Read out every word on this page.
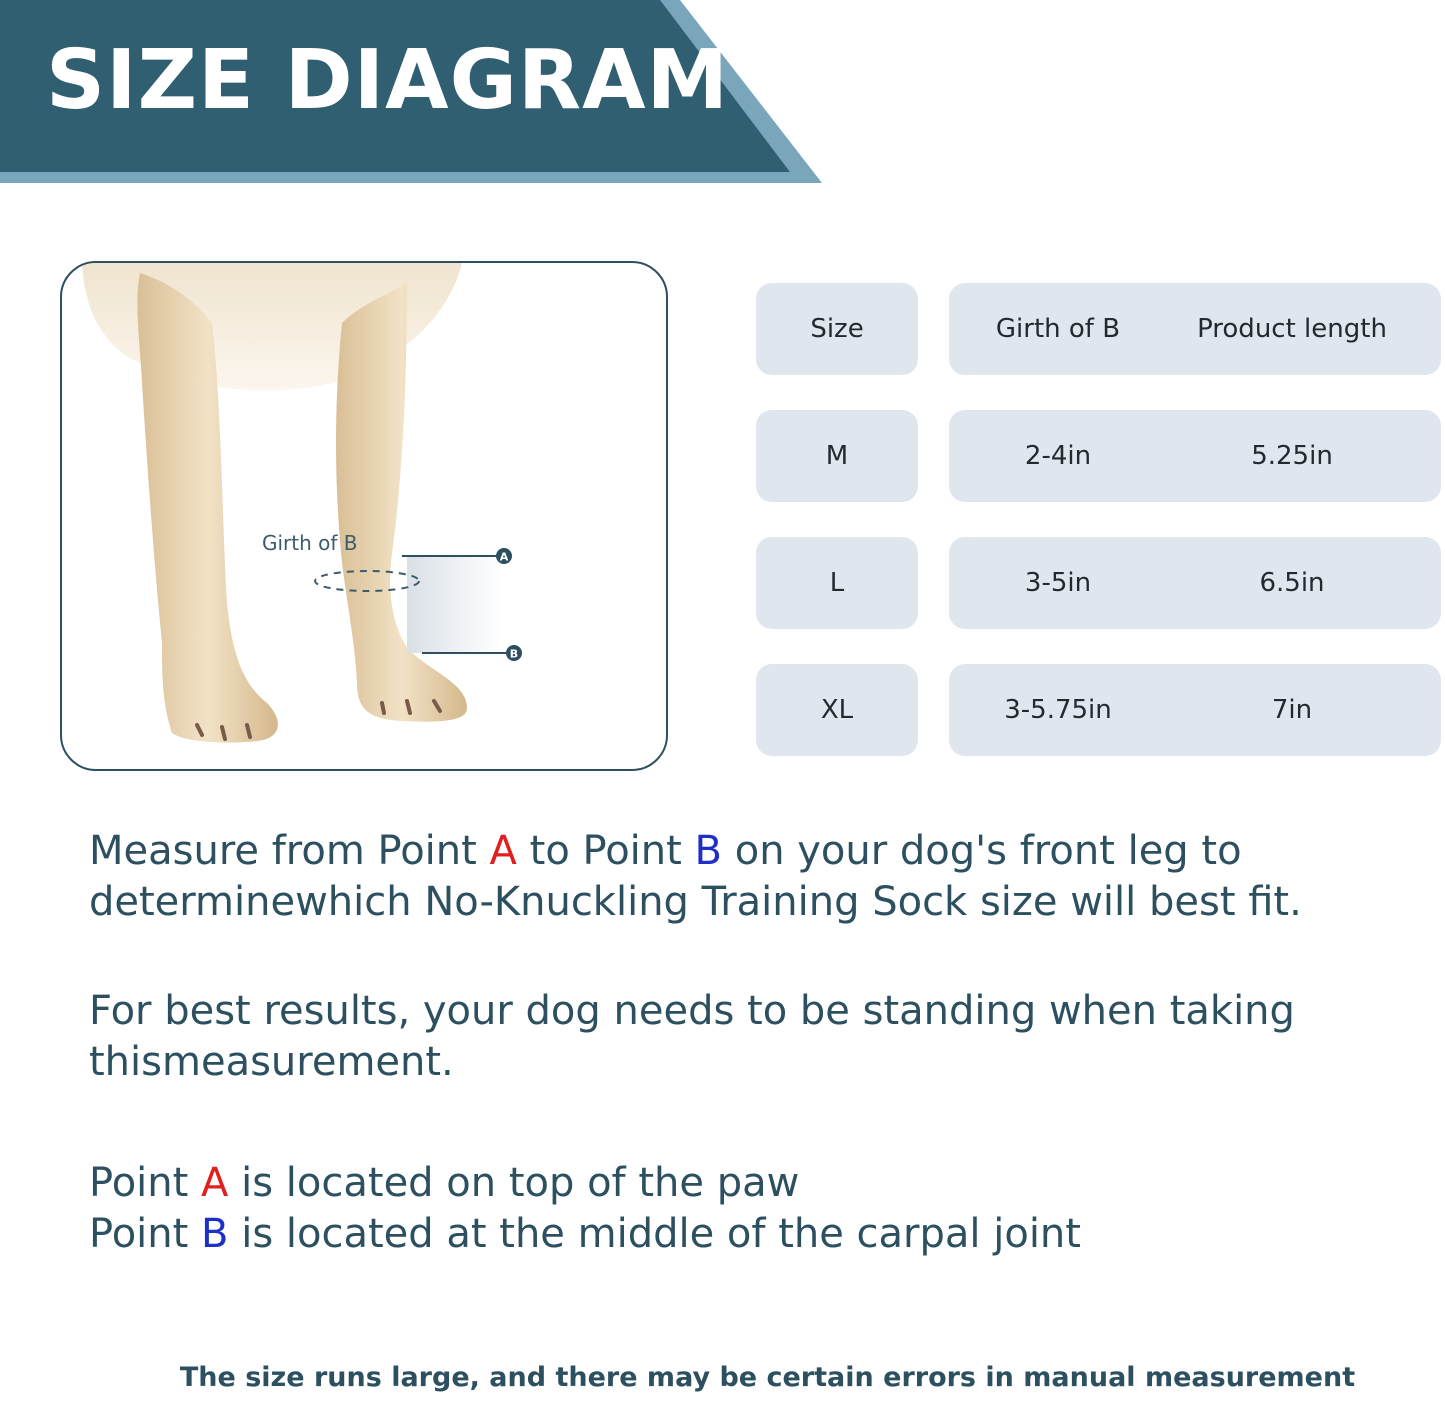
SIZE DIAGRAM
A
B
Girth of B
Size	Girth of B	Product length
M	2-4in	5.25in
L	3-5in	6.5in
XL	3-5.75in	7in

Measure from Point A to Point B on your dog's front leg to
determinewhich No-Knuckling Training Sock size will best fit.

For best results, your dog needs to be standing when taking
thismeasurement.

Point A is located on top of the paw
Point B is located at the middle of the carpal joint

The size runs large, and there may be certain errors in manual measurement
